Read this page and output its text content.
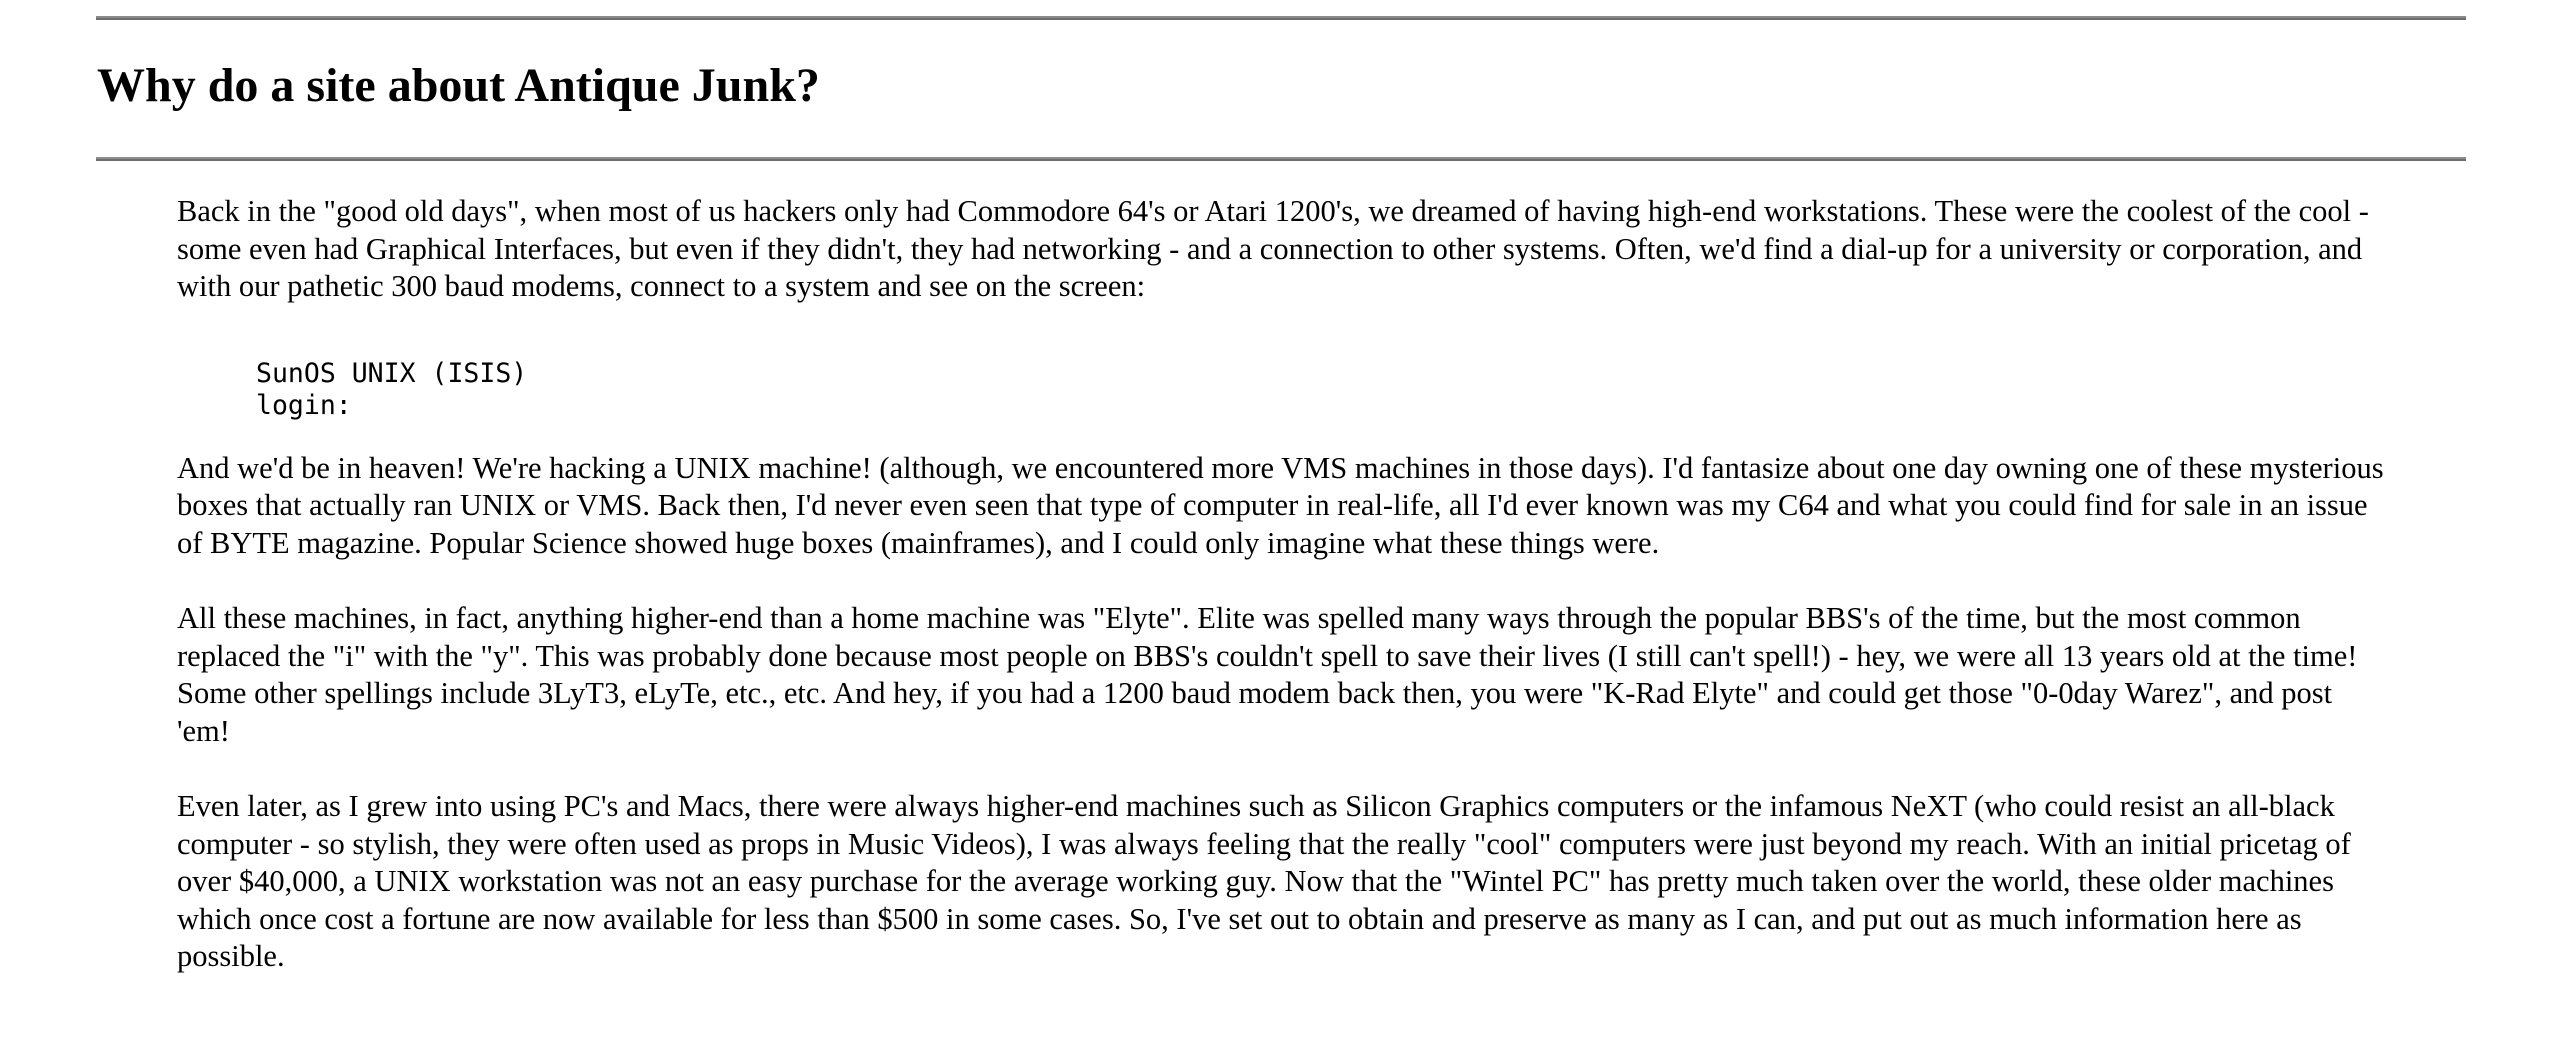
Why do a site about Antique Junk?

Back in the "good old days", when most of us hackers only had Commodore 64's or Atari 1200's, we dreamed of having high-end workstations. These were the coolest of the cool - some even had Graphical Interfaces, but even if they didn't, they had networking - and a connection to other systems. Often, we'd find a dial-up for a university or corporation, and with our pathetic 300 baud modems, connect to a system and see on the screen:

SunOS UNIX (ISIS)
login:

And we'd be in heaven! We're hacking a UNIX machine! (although, we encountered more VMS machines in those days). I'd fantasize about one day owning one of these mysterious boxes that actually ran UNIX or VMS. Back then, I'd never even seen that type of computer in real-life, all I'd ever known was my C64 and what you could find for sale in an issue of BYTE magazine. Popular Science showed huge boxes (mainframes), and I could only imagine what these things were.

All these machines, in fact, anything higher-end than a home machine was "Elyte". Elite was spelled many ways through the popular BBS's of the time, but the most common replaced the "i" with the "y". This was probably done because most people on BBS's couldn't spell to save their lives (I still can't spell!) - hey, we were all 13 years old at the time! Some other spellings include 3LyT3, eLyTe, etc., etc. And hey, if you had a 1200 baud modem back then, you were "K-Rad Elyte" and could get those "0-0day Warez", and post 'em!

Even later, as I grew into using PC's and Macs, there were always higher-end machines such as Silicon Graphics computers or the infamous NeXT (who could resist an all-black computer - so stylish, they were often used as props in Music Videos), I was always feeling that the really "cool" computers were just beyond my reach. With an initial pricetag of over $40,000, a UNIX workstation was not an easy purchase for the average working guy. Now that the "Wintel PC" has pretty much taken over the world, these older machines which once cost a fortune are now available for less than $500 in some cases. So, I've set out to obtain and preserve as many as I can, and put out as much information here as possible.
